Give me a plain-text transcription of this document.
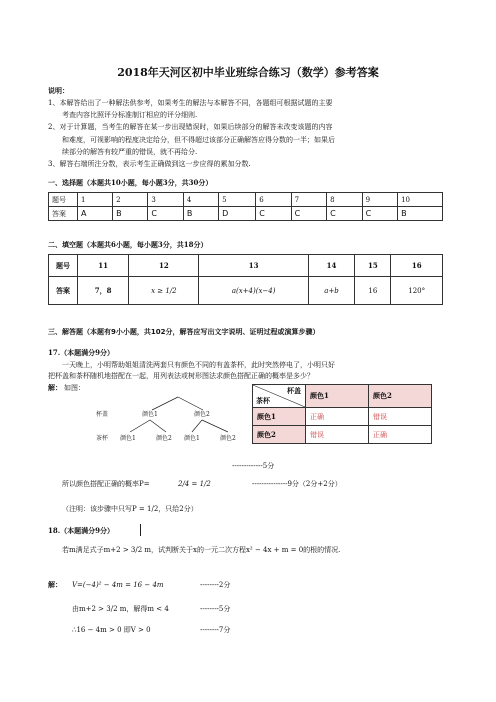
2018年天河区初中毕业班综合练习（数学）参考答案
说明：
1、本解答给出了一种解法供参考，如果考生的解法与本解答不同，各题组可根据试题的主要
考查内容比照评分标准制订相应的评分细则.
2、对于计算题，当考生的解答在某一步出现错误时，如果后续部分的解答未改变该题的内容
和难度，可视影响的程度决定给分，但不得超过该部分正确解答应得分数的一半；如果后
续部分的解答有较严重的错误，就不再给分.
3、解答右端所注分数，表示考生正确做到这一步应得的累加分数.
一、选择题（本题共10小题，每小题3分，共30分）
题号	1	2	3	4	5	6	7	8	9	10
答案	A	B	C	B	D	C	C	C	C	B
二、填空题（本题共6小题，每小题3分，共18分）
题号	11	12	13	14	15	16
答案	7，8	x ≥ 1/2	a(x+4)(x−4)	a+b	16	120°
三、解答题（本题有9小小题，共102分，解答应写出文字说明、证明过程或演算步骤）
17.（本题满分9分）
一天晚上，小明帮助姐姐清洗两套只有颜色不同的有盖茶杯，此时突然停电了，小明只好
把杯盖和茶杯随机地搭配在一起，用列表法或树形图法求颜色搭配正确的概率是多少？
解： 如图：
杯盖	颜色1	颜色2
茶杯 颜色1	颜色2 颜色1	颜色2
杯盖
茶杯	颜色1	颜色2
颜色1	正确	错误
颜色2	错误	正确
-------------5分
所以颜色搭配正确的概率P=	2/4 = 1/2	---------------9分（2分+2分）
（注明：该步骤中只写P = 1/2，只给2分）
18.（本题满分9分）
若m满足式子m+2 > 3/2 m，试判断关于x的一元二次方程x² − 4x + m = 0的根的情况.
解： V=(−4)² − 4m = 16 − 4m	--------2分
由m+2 > 3/2 m，解得m < 4	--------5分
∴16 − 4m > 0 即V > 0	--------7分
